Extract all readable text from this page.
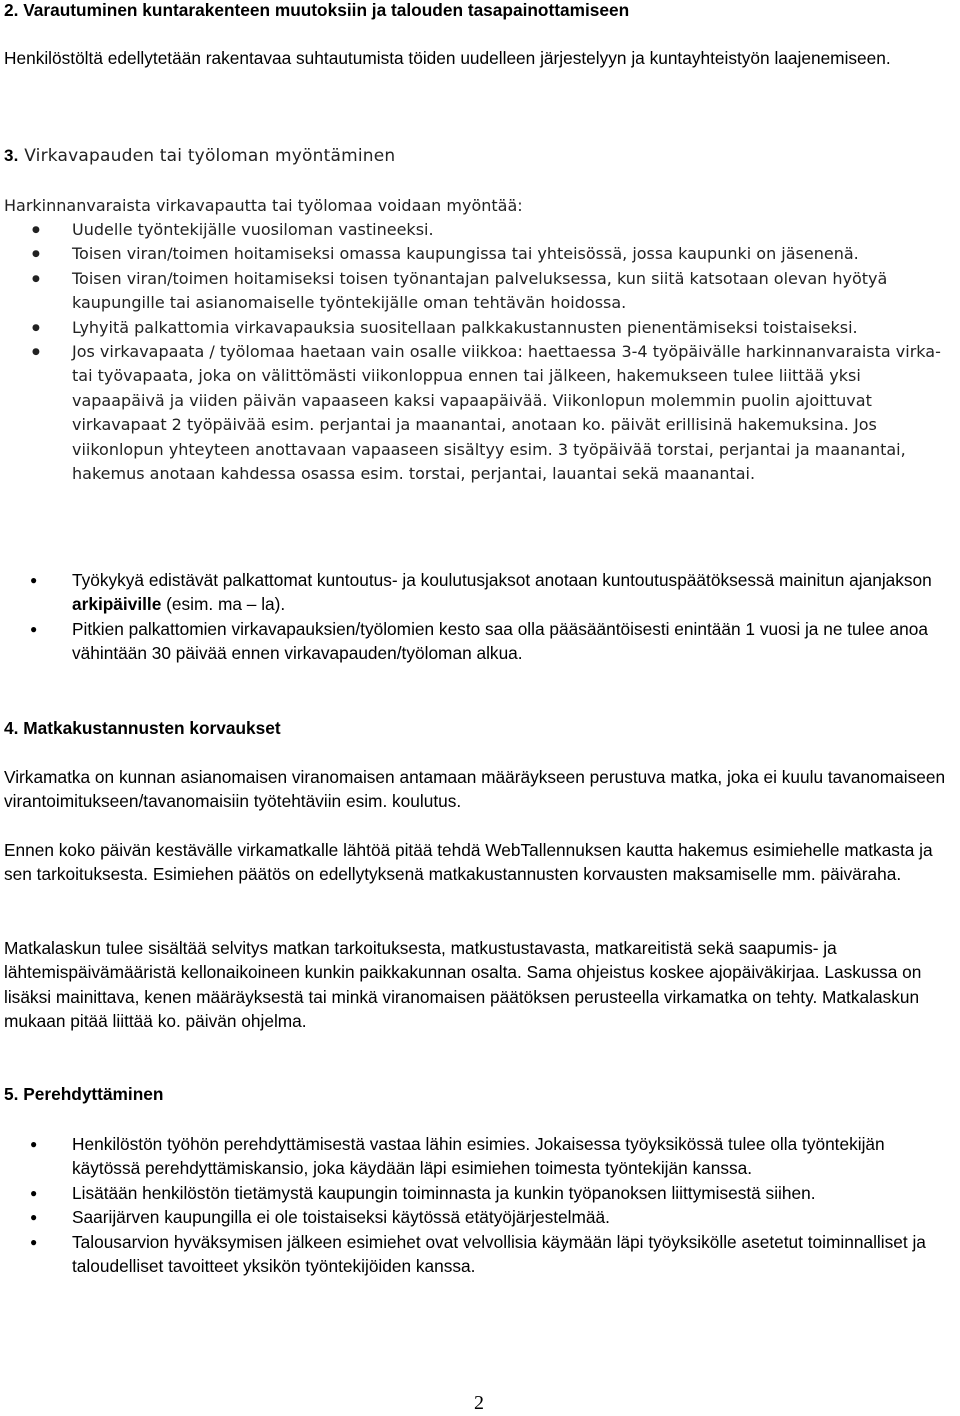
2. Varautuminen kuntarakenteen muutoksiin ja talouden tasapainottamiseen

Henkilöstöltä edellytetään rakentavaa suhtautumista töiden uudelleen järjestelyyn ja kuntayhteistyön laajenemiseen.

3. Virkavapauden tai työloman myöntäminen

Harkinnanvaraista virkavapautta tai työlomaa voidaan myöntää:

● Uudelle työntekijälle vuosiloman vastineeksi.
● Toisen viran/toimen hoitamiseksi omassa kaupungissa tai yhteisössä, jossa kaupunki on jäsenenä.
● Toisen viran/toimen hoitamiseksi toisen työnantajan palveluksessa, kun siitä katsotaan olevan hyötyä kaupungille tai asianomaiselle työntekijälle oman tehtävän hoidossa.
● Lyhyitä palkattomia virkavapauksia suositellaan palkkakustannusten pienentämiseksi toistaiseksi.
● Jos virkavapaata / työlomaa haetaan vain osalle viikkoa: haettaessa 3-4 työpäivälle harkinnanvaraista virka- tai työvapaata, joka on välittömästi viikonloppua ennen tai jälkeen, hakemukseen tulee liittää yksi vapaapäivä ja viiden päivän vapaaseen kaksi vapaapäivää. Viikonlopun molemmin puolin ajoittuvat virkavapaat 2 työpäivää esim. perjantai ja maanantai, anotaan ko. päivät erillisinä hakemuksina. Jos viikonlopun yhteyteen anottavaan vapaaseen sisältyy esim. 3 työpäivää torstai, perjantai ja maanantai, hakemus anotaan kahdessa osassa esim. torstai, perjantai, lauantai sekä maanantai.
● Työkykyä edistävät palkattomat kuntoutus- ja koulutusjaksot anotaan kuntoutuspäätöksessä mainitun ajanjakson arkipäiville (esim. ma – la).
● Pitkien palkattomien virkavapauksien/työlomien kesto saa olla pääsääntöisesti enintään 1 vuosi ja ne tulee anoa vähintään 30 päivää ennen virkavapauden/työloman alkua.
4. Matkakustannusten korvaukset

Virkamatka on kunnan asianomaisen viranomaisen antamaan määräykseen perustuva matka, joka ei kuulu tavanomaiseen virantoimitukseen/tavanomaisiin työtehtäviin esim. koulutus.

Ennen koko päivän kestävälle virkamatkalle lähtöä pitää tehdä WebTallennuksen kautta hakemus esimiehelle matkasta ja sen tarkoituksesta. Esimiehen päätös on edellytyksenä matkakustannusten korvausten maksamiselle mm. päiväraha.

Matkalaskun tulee sisältää selvitys matkan tarkoituksesta, matkustustavasta, matkareitistä sekä saapumis- ja lähtemispäivämääristä kellonaikoineen kunkin paikkakunnan osalta. Sama ohjeistus koskee ajopäiväkirjaa. Laskussa on lisäksi mainittava, kenen määräyksestä tai minkä viranomaisen päätöksen perusteella virkamatka on tehty. Matkalaskun mukaan pitää liittää ko. päivän ohjelma.

5. Perehdyttäminen
● Henkilöstön työhön perehdyttämisestä vastaa lähin esimies. Jokaisessa työyksikössä tulee olla työntekijän käytössä perehdyttämiskansio, joka käydään läpi esimiehen toimesta työntekijän kanssa.
● Lisätään henkilöstön tietämystä kaupungin toiminnasta ja kunkin työpanoksen liittymisestä siihen.
● Saarijärven kaupungilla ei ole toistaiseksi käytössä etätyöjärjestelmää.
● Talousarvion hyväksymisen jälkeen esimiehet ovat velvollisia käymään läpi työyksikölle asetetut toiminnalliset ja taloudelliset tavoitteet yksikön työntekijöiden kanssa.
2
